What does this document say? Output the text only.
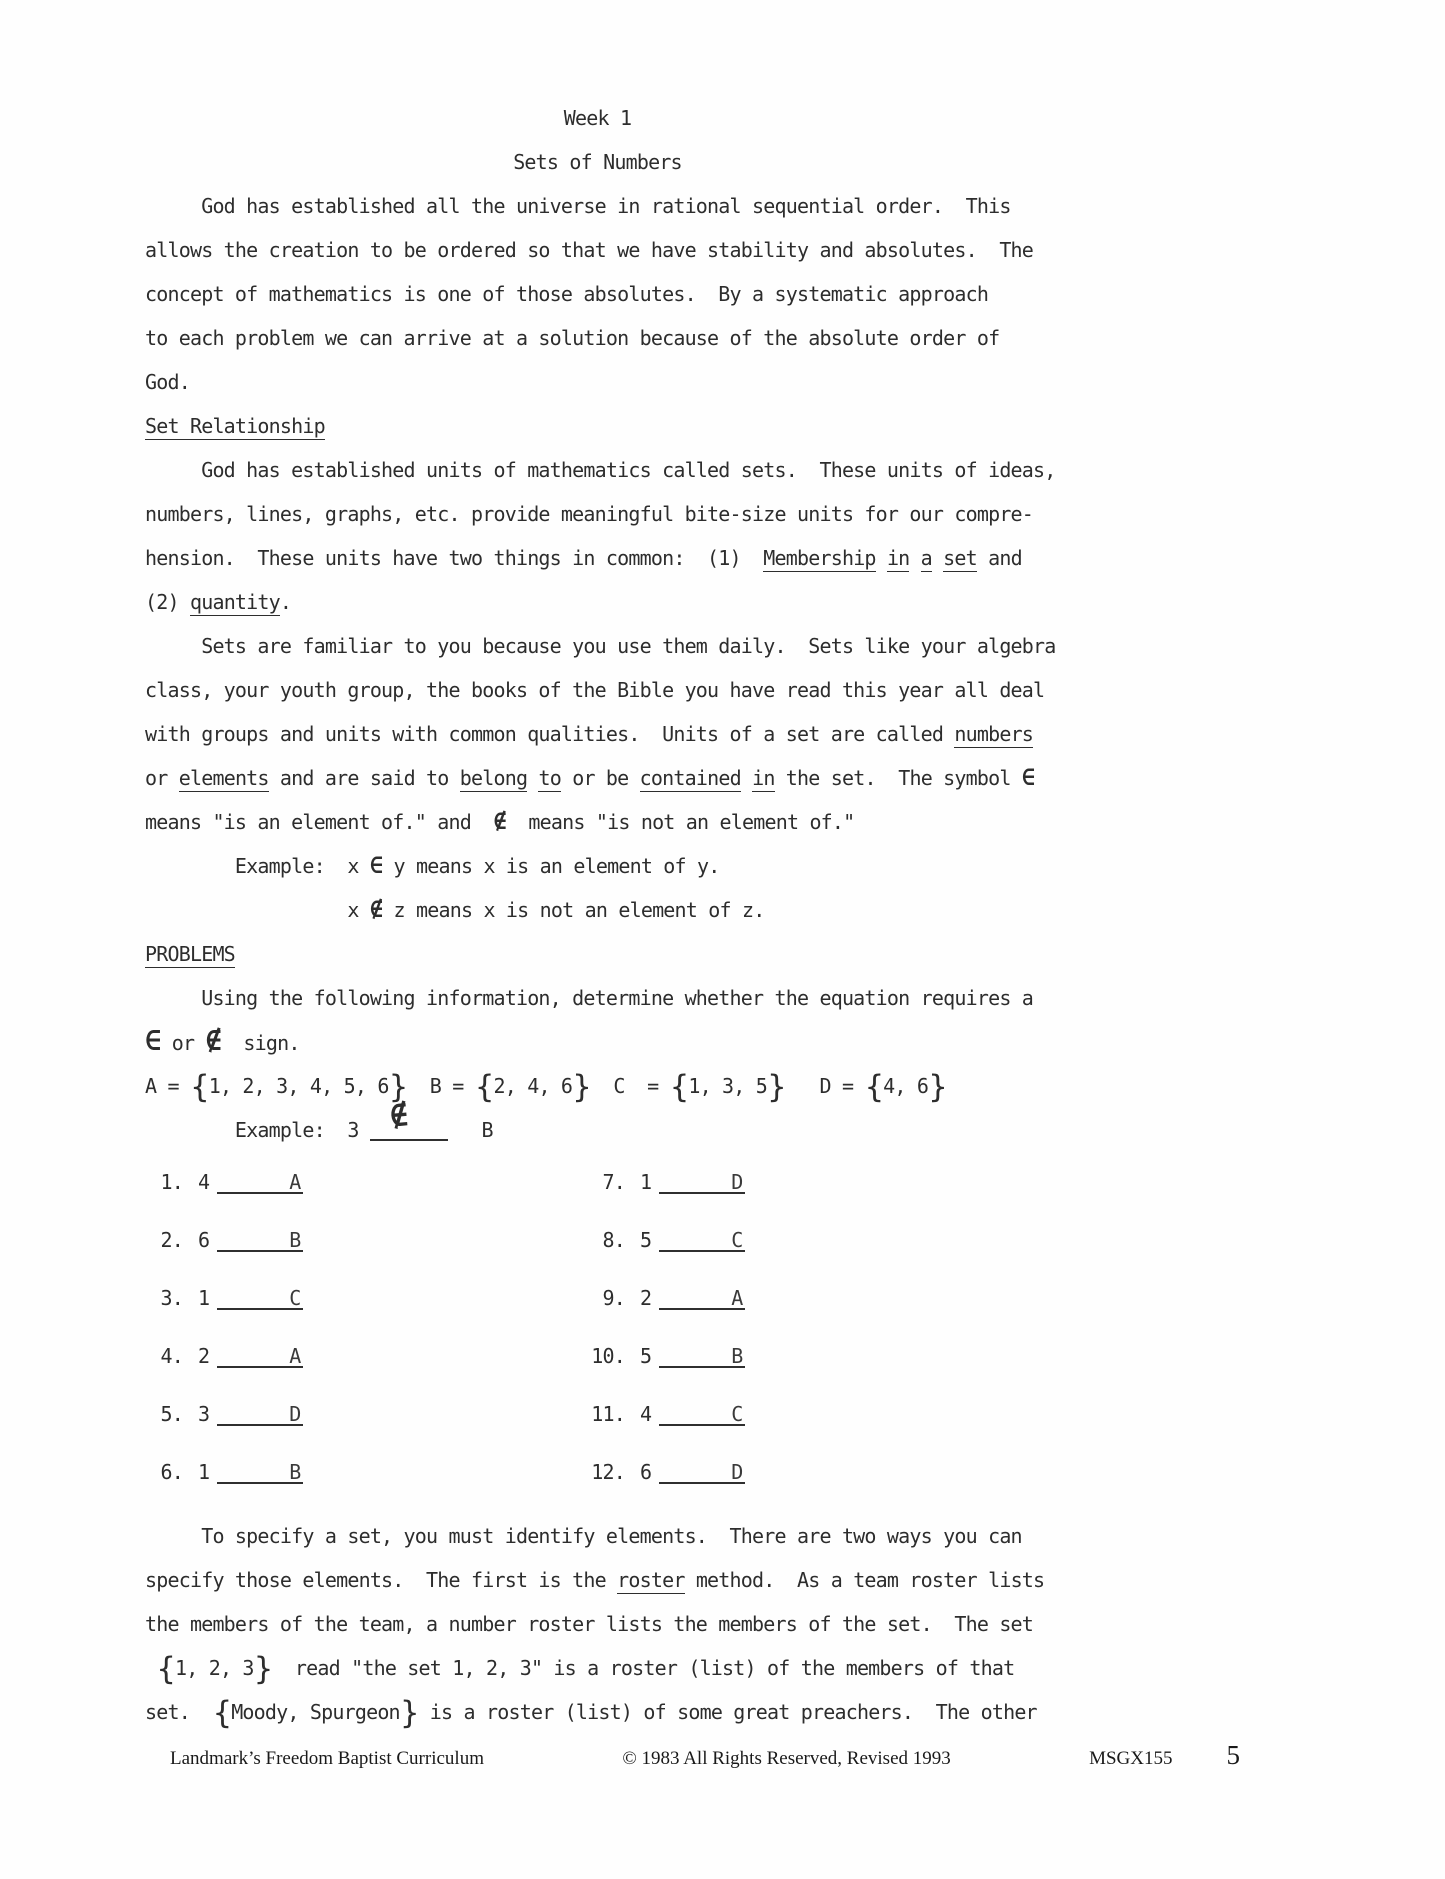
Week 1
Sets of Numbers
God has established all the universe in rational sequential order.  This
allows the creation to be ordered so that we have stability and absolutes.  The
concept of mathematics is one of those absolutes.  By a systematic approach
to each problem we can arrive at a solution because of the absolute order of
God.
Set Relationship
God has established units of mathematics called sets.  These units of ideas,
numbers, lines, graphs, etc. provide meaningful bite-size units for our compre-
hension.  These units have two things in common:  (1)  Membership in a set and
(2) quantity.
Sets are familiar to you because you use them daily.  Sets like your algebra
class, your youth group, the books of the Bible you have read this year all deal
with groups and units with common qualities.  Units of a set are called numbers
or elements and are said to belong to or be contained in the set.  The symbol ∈
means "is an element of." and  ∉  means "is not an element of."
Example:  x ∈ y means x is an element of y.
x ∉ z means x is not an element of z.
PROBLEMS
Using the following information, determine whether the equation requires a
∈ or ∉  sign.
A = {1, 2, 3, 4, 5, 6}  B = {2, 4, 6}  C  = {1, 3, 5}   D = {4, 6}
Example:  3 ∉ B
1. 4	A
2. 6	B
3. 1	C
4. 2	A
5. 3	D
6. 1	B
7. 1	D
8. 5	C
9. 2	A
10. 5	B
11. 4	C
12. 6	D
To specify a set, you must identify elements.  There are two ways you can
specify those elements.  The first is the roster method.  As a team roster lists
the members of the team, a number roster lists the members of the set.  The set
{1, 2, 3}  read "the set 1, 2, 3" is a roster (list) of the members of that
set.  {Moody, Spurgeon} is a roster (list) of some great preachers.  The other
Landmark’s Freedom Baptist Curriculum	© 1983 All Rights Reserved, Revised 1993	MSGX155 5
